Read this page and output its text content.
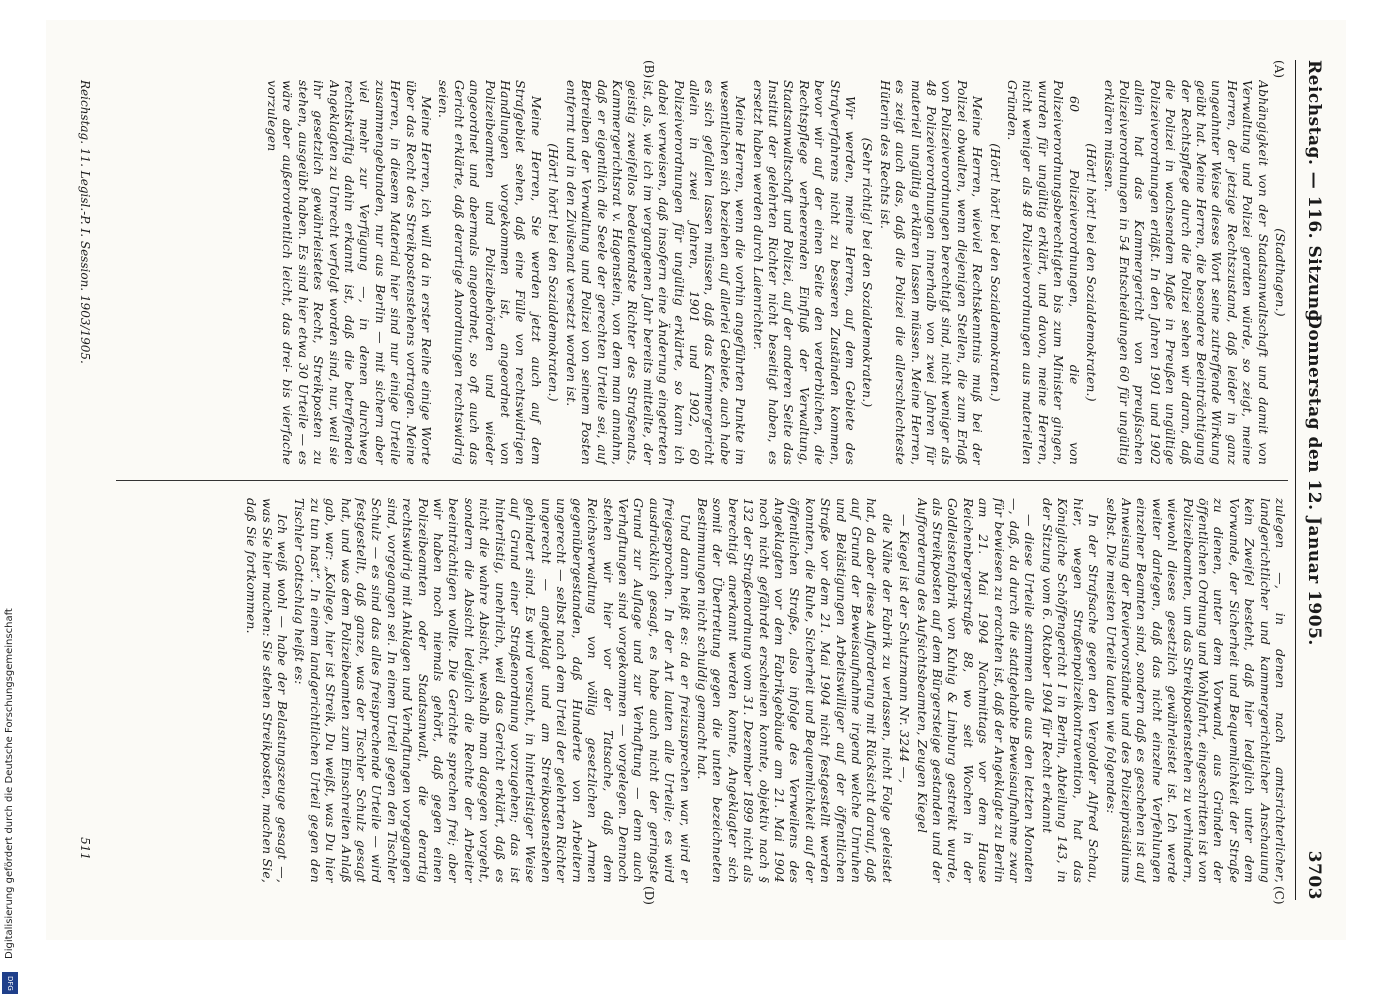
Digitalisierung gefördert durch die Deutsche Forschungsgemeinschaft
DFG
Reichstag. — 116. Sitzung.
Donnerstag den 12. Januar 1905.
3703
(A)
(B)
(C)
(D)

(Stadthagen.)

Abhängigkeit von der Staatsanwaltschaft und damit von Verwaltung und Polizei geraten würde, so zeigt, meine Herren, der jetzige Rechtszustand, daß leider in ganz ungeahnter Weise dieses Wort seine zutreffende Wirkung geübt hat. Meine Herren, die besondere Beeinträchtigung der Rechtspflege durch die Polizei sehen wir daran, daß die Polizei in wachsendem Maße in Preußen ungültige Polizeiverordnungen erläßt. In den Jahren 1901 und 1902 allein hat das Kammergericht von preußischen Polizeiverordnungen in 54 Entscheidungen 60 für ungültig erklären müssen.

(Hört! hört! bei den Sozialdemokraten.)

60 Polizeiverordnungen, die von Polizeiverordnungsberechtigten bis zum Minister gingen, wurden für ungültig erklärt, und davon, meine Herren, nicht weniger als 48 Polizeiverordnungen aus materiellen Gründen.

(Hört! hört! bei den Sozialdemokraten.)

Meine Herren, wieviel Rechtskenntnis muß bei der Polizei obwalten, wenn diejenigen Stellen, die zum Erlaß von Polizeiverordnungen berechtigt sind, nicht weniger als 48 Polizeiverordnungen innerhalb von zwei Jahren für materiell ungültig erklären lassen müssen. Meine Herren, es zeigt auch das, daß die Polizei die allerschlechteste Hüterin des Rechts ist.

(Sehr richtig! bei den Sozialdemokraten.)

Wir werden, meine Herren, auf dem Gebiete des Strafverfahrens nicht zu besseren Zuständen kommen, bevor wir auf der einen Seite den verderblichen, die Rechtspflege verheerenden Einfluß der Verwaltung, Staatsanwaltschaft und Polizei, auf der anderen Seite das Institut der gelehrten Richter nicht beseitigt haben, es ersetzt haben werden durch Laienrichter.

Meine Herren, wenn die vorhin angeführten Punkte im wesentlichen sich beziehen auf allerlei Gebiete, auch habe es sich gefallen lassen müssen, daß das Kammergericht allein in zwei Jahren, 1901 und 1902, 60 Polizeiverordnungen für ungültig erklärte, so kann ich dabei verweisen, daß insofern eine Änderung eingetreten ist, als, wie ich im vergangenen Jahr bereits mitteilte, der geistig zweifellos bedeutendste Richter des Strafsenats, Kammergerichtsrat v. Hagenstein, von dem man annahm, daß er eigentlich die Seele der gerechten Urteile sei, auf Betreiben der Verwaltung und Polizei von seinem Posten entfernt und in den Zivilsenat versetzt worden ist.

(Hört! hört! bei den Sozialdemokraten.)

Meine Herren, Sie werden jetzt auch auf dem Strafgebiet sehen, daß eine Fülle von rechtswidrigen Handlungen vorgekommen ist, angeordnet von Polizeibeamten und Polizeibehörden und wieder angeordnet und abermals angeordnet, so oft auch das Gericht erklärte, daß derartige Anordnungen rechtswidrig seien.

Meine Herren, ich will da in erster Reihe einige Worte über das Recht des Streikpostenstehens vortragen. Meine Herren, in diesem Material hier sind nur einige Urteile zusammengebunden, nur aus Berlin — mit sichern aber viel mehr zur Verfügung —, in denen durchweg rechtskräftig dahin erkannt ist, daß die betreffenden Angeklagten zu Unrecht verfolgt worden sind, nur, weil sie ihr gesetzlich gewährleistetes Recht, Streikposten zu stehen, ausgeübt haben. Es sind hier etwa 30 Urteile — es wäre aber außerordentlich leicht, das drei- bis vierfache vorzulegen

zulegen —, in denen nach amtsrichterlicher, landgerichtlicher und kammergerichtlicher Anschauung kein Zweifel besteht, daß hier lediglich unter dem Vorwande, der Sicherheit und Bequemlichkeit der Straße zu dienen, unter dem Vorwand, aus Gründen der öffentlichen Ordnung und Wohlfahrt, eingeschritten ist von Polizeibeamten, um das Streikpostenstehen zu verhindern, wiewohl dieses gesetzlich gewährleistet ist. Ich werde weiter darlegen, daß das nicht einzelne Verfehlungen einzelner Beamten sind, sondern daß es geschehen ist auf Anweisung der Reviervorstände und des Polizeipräsidiums selbst. Die meisten Urteile lauten wie folgendes:

In der Strafsache gegen den Vergolder Alfred Schau, hier, wegen Straßenpolizeikontravention, hat das Königliche Schöffengericht I in Berlin, Abteilung 143, in der Sitzung vom 6. Oktober 1904 für Recht erkannt

— diese Urteile stammen alle aus den letzten Monaten —, daß, da durch die stattgehabte Beweisaufnahme zwar für bewiesen zu erachten ist, daß der Angeklagte zu Berlin am 21. Mai 1904 Nachmittags vor dem Hause Reichenbergerstraße 88, wo seit Wochen in der Goldleistenfabrik von Kuhig & Limburg gestreikt wurde, als Streikposten auf dem Bürgersteige gestanden und der Aufforderung des Aufsichtsbeamten, Zeugen Kiegel

— Kiegel ist der Schutzmann Nr. 3244 —,

die Nähe der Fabrik zu verlassen, nicht Folge geleistet hat, da aber diese Aufforderung mit Rücksicht darauf, daß auf Grund der Beweisaufnahme irgend welche Unruhen und Belästigungen Arbeitswilliger auf der öffentlichen Straße vor dem 21. Mai 1904 nicht festgestellt werden konnten, die Ruhe, Sicherheit und Bequemlichkeit auf der öffentlichen Straße, also infolge des Verweilens des Angeklagten vor dem Fabrikgebäude am 21. Mai 1904 noch nicht gefährdet erscheinen konnte, objektiv nach § 132 der Straßenordnung vom 31. Dezember 1899 nicht als berechtigt anerkannt werden konnte, Angeklagter sich somit der Übertretung gegen die unten bezeichneten Bestimmungen nicht schuldig gemacht hat.

Und dann heißt es: da er freizusprechen war, wird er freigesprochen. In der Art lauten alle Urteile; es wird ausdrücklich gesagt, es habe auch nicht der geringste Grund zur Auflage und zur Verhaftung — denn auch Verhaftungen sind vorgekommen — vorgelegen. Dennoch stehen wir hier vor der Tatsache, daß dem Reichsverwaltung von völlig gesetzlichen Armen gegenübergestanden, daß Hunderte von Arbeitern ungerecht — selbst nach dem Urteil der gelehrten Richter ungerecht — angeklagt und am Streikpostenstehen gehindert sind. Es wird versucht, in hinterlistiger Weise auf Grund einer Straßenordnung vorzugehen; das ist hinterlistig, unehrlich, weil das Gericht erklärt, daß es nicht die wahre Absicht, weshalb man dagegen vorgeht, sondern die Absicht lediglich die Rechte der Arbeiter beeinträchtigen wollte. Die Gerichte sprechen frei; aber wir haben noch niemals gehört, daß gegen einen Polizeibeamten oder Staatsanwalt, die derartig rechtswidrig mit Anklagen und Verhaftungen vorgegangen sind, vorgegangen sei. In einem Urteil gegen den Tischler Schulz — es sind das alles freisprechende Urteile — wird festgestellt, daß ganze, was der Tischler Schulz gesagt hat, und was dem Polizeibeamten zum Einschreiten Anlaß gab, war: „Kollege, hier ist Streik, Du weißt, was Du hier zu tun hast“. In einem landgerichtlichen Urteil gegen den Tischler Gottschlag heißt es:

Ich weiß wohl — habe der Belastungszeuge gesagt —, was Sie hier machen: Sie stehen Streikposten, machen Sie, daß Sie fortkommen.

Reichstag. 11. Legisl.-P. I. Session. 1903/1905.
511
